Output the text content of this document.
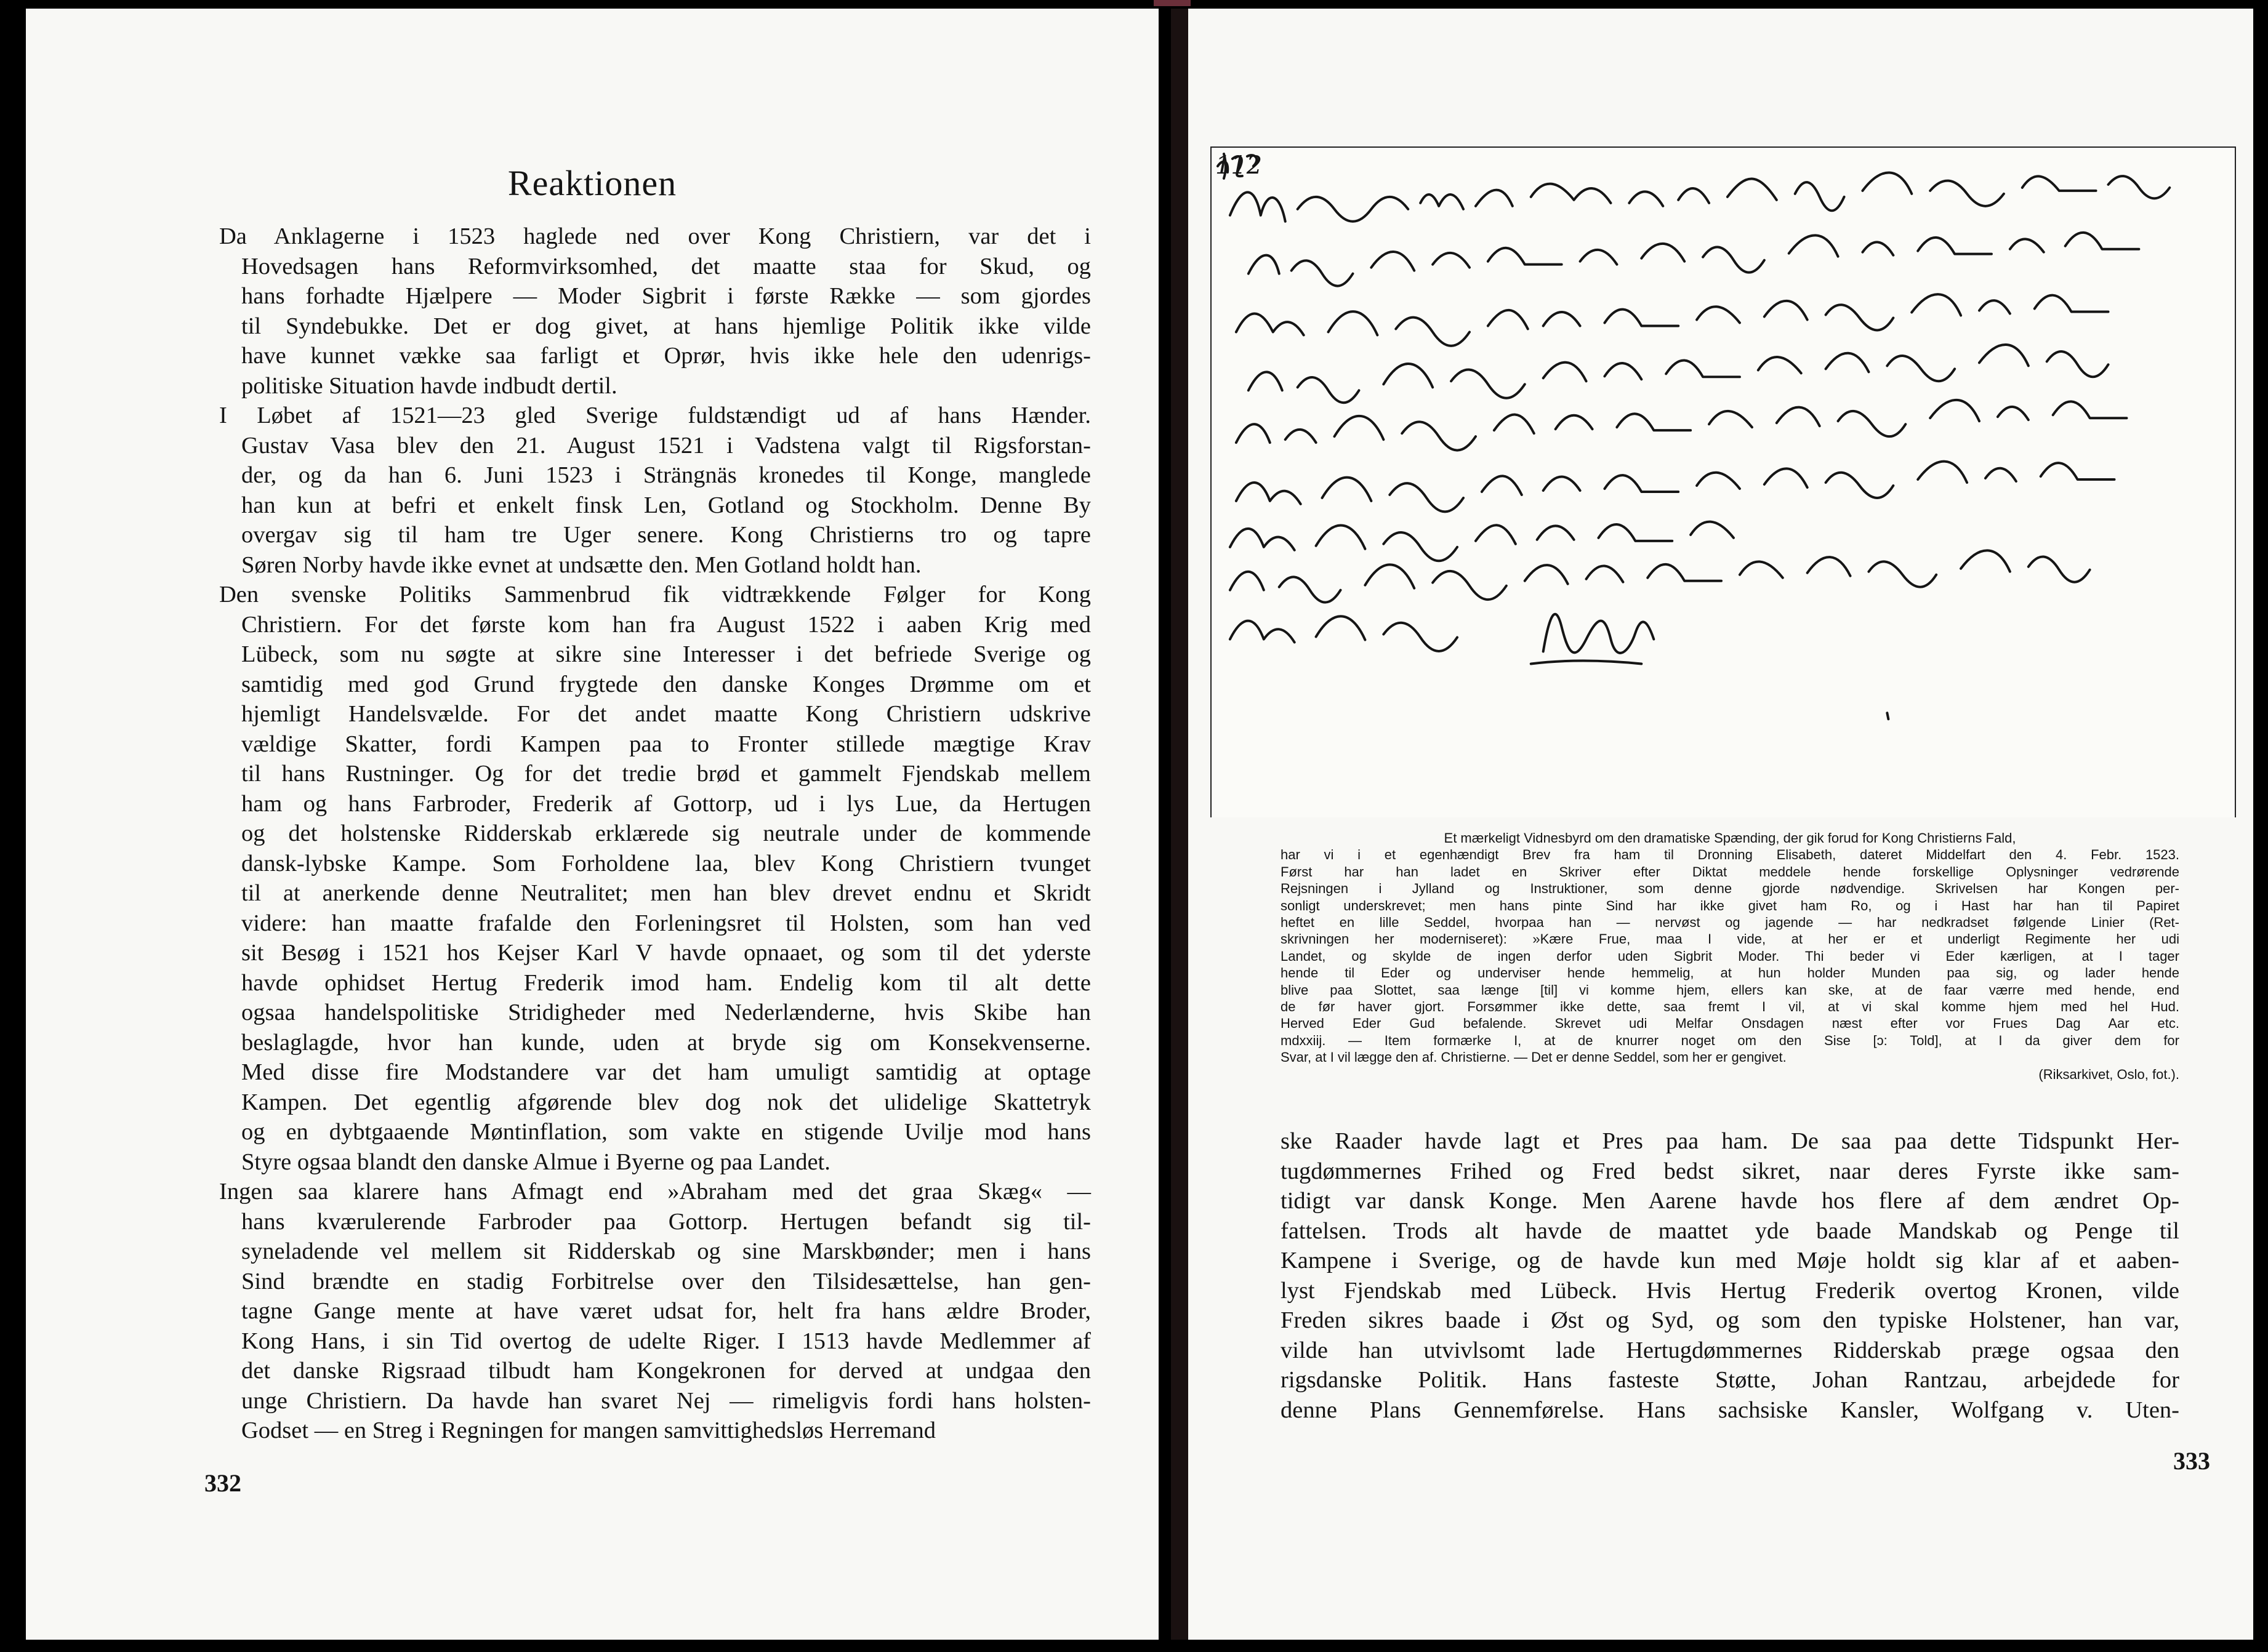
Reaktionen
Da Anklagerne i 1523 haglede ned over Kong Christiern, var det i
Hovedsagen hans Reformvirksomhed, det maatte staa for Skud, og
hans forhadte Hjælpere — Moder Sigbrit i første Række — som gjordes
til Syndebukke. Det er dog givet, at hans hjemlige Politik ikke vilde
have kunnet vække saa farligt et Oprør, hvis ikke hele den udenrigs-
politiske Situation havde indbudt dertil.
I Løbet af 1521—23 gled Sverige fuldstændigt ud af hans Hænder.
Gustav Vasa blev den 21. August 1521 i Vadstena valgt til Rigsforstan-
der, og da han 6. Juni 1523 i Strängnäs kronedes til Konge, manglede
han kun at befri et enkelt finsk Len, Gotland og Stockholm. Denne By
overgav sig til ham tre Uger senere. Kong Christierns tro og tapre
Søren Norby havde ikke evnet at undsætte den. Men Gotland holdt han.
Den svenske Politiks Sammenbrud fik vidtrækkende Følger for Kong
Christiern. For det første kom han fra August 1522 i aaben Krig med
Lübeck, som nu søgte at sikre sine Interesser i det befriede Sverige og
samtidig med god Grund frygtede den danske Konges Drømme om et
hjemligt Handelsvælde. For det andet maatte Kong Christiern udskrive
vældige Skatter, fordi Kampen paa to Fronter stillede mægtige Krav
til hans Rustninger. Og for det tredie brød et gammelt Fjendskab mellem
ham og hans Farbroder, Frederik af Gottorp, ud i lys Lue, da Hertugen
og det holstenske Ridderskab erklærede sig neutrale under de kommende
dansk-lybske Kampe. Som Forholdene laa, blev Kong Christiern tvunget
til at anerkende denne Neutralitet; men han blev drevet endnu et Skridt
videre: han maatte frafalde den Forleningsret til Holsten, som han ved
sit Besøg i 1521 hos Kejser Karl V havde opnaaet, og som til det yderste
havde ophidset Hertug Frederik imod ham. Endelig kom til alt dette
ogsaa handelspolitiske Stridigheder med Nederlænderne, hvis Skibe han
beslaglagde, hvor han kunde, uden at bryde sig om Konsekvenserne.
Med disse fire Modstandere var det ham umuligt samtidig at optage
Kampen. Det egentlig afgørende blev dog nok det ulidelige Skattetryk
og en dybtgaaende Møntinflation, som vakte en stigende Uvilje mod hans
Styre ogsaa blandt den danske Almue i Byerne og paa Landet.
Ingen saa klarere hans Afmagt end »Abraham med det graa Skæg« —
hans kværulerende Farbroder paa Gottorp. Hertugen befandt sig til-
syneladende vel mellem sit Ridderskab og sine Marskbønder; men i hans
Sind brændte en stadig Forbitrelse over den Tilsidesættelse, han gen-
tagne Gange mente at have været udsat for, helt fra hans ældre Broder,
Kong Hans, i sin Tid overtog de udelte Riger. I 1513 havde Medlemmer af
det danske Rigsraad tilbudt ham Kongekronen for derved at undgaa den
unge Christiern. Da havde han svaret Nej — rimeligvis fordi hans holsten-
Godset — en Streg i Regningen for mangen samvittighedsløs Herremand
332
112
Et mærkeligt Vidnesbyrd om den dramatiske Spænding, der gik forud for Kong Christierns Fald,
har vi i et egenhændigt Brev fra ham til Dronning Elisabeth, dateret Middelfart den 4. Febr. 1523.
Først har han ladet en Skriver efter Diktat meddele hende forskellige Oplysninger vedrørende
Rejsningen i Jylland og Instruktioner, som denne gjorde nødvendige. Skrivelsen har Kongen per-
sonligt underskrevet; men hans pinte Sind har ikke givet ham Ro, og i Hast har han til Papiret
heftet en lille Seddel, hvorpaa han — nervøst og jagende — har nedkradset følgende Linier (Ret-
skrivningen her moderniseret): »Kære Frue, maa I vide, at her er et underligt Regimente her udi
Landet, og skylde de ingen derfor uden Sigbrit Moder. Thi beder vi Eder kærligen, at I tager
hende til Eder og underviser hende hemmelig, at hun holder Munden paa sig, og lader hende
blive paa Slottet, saa længe [til] vi komme hjem, ellers kan ske, at de faar værre med hende, end
de før haver gjort. Forsømmer ikke dette, saa fremt I vil, at vi skal komme hjem med hel Hud.
Herved Eder Gud befalende. Skrevet udi Melfar Onsdagen næst efter vor Frues Dag Aar etc.
mdxxiij. — Item formærke I, at de knurrer noget om den Sise [ɔ: Told], at I da giver dem for
Svar, at I vil lægge den af. Christierne. — Det er denne Seddel, som her er gengivet.
(Riksarkivet, Oslo, fot.).
ske Raader havde lagt et Pres paa ham. De saa paa dette Tidspunkt Her-
tugdømmernes Frihed og Fred bedst sikret, naar deres Fyrste ikke sam-
tidigt var dansk Konge. Men Aarene havde hos flere af dem ændret Op-
fattelsen. Trods alt havde de maattet yde baade Mandskab og Penge til
Kampene i Sverige, og de havde kun med Møje holdt sig klar af et aaben-
lyst Fjendskab med Lübeck. Hvis Hertug Frederik overtog Kronen, vilde
Freden sikres baade i Øst og Syd, og som den typiske Holstener, han var,
vilde han utvivlsomt lade Hertugdømmernes Ridderskab præge ogsaa den
rigsdanske Politik. Hans fasteste Støtte, Johan Rantzau, arbejdede for
denne Plans Gennemførelse. Hans sachsiske Kansler, Wolfgang v. Uten-
333
